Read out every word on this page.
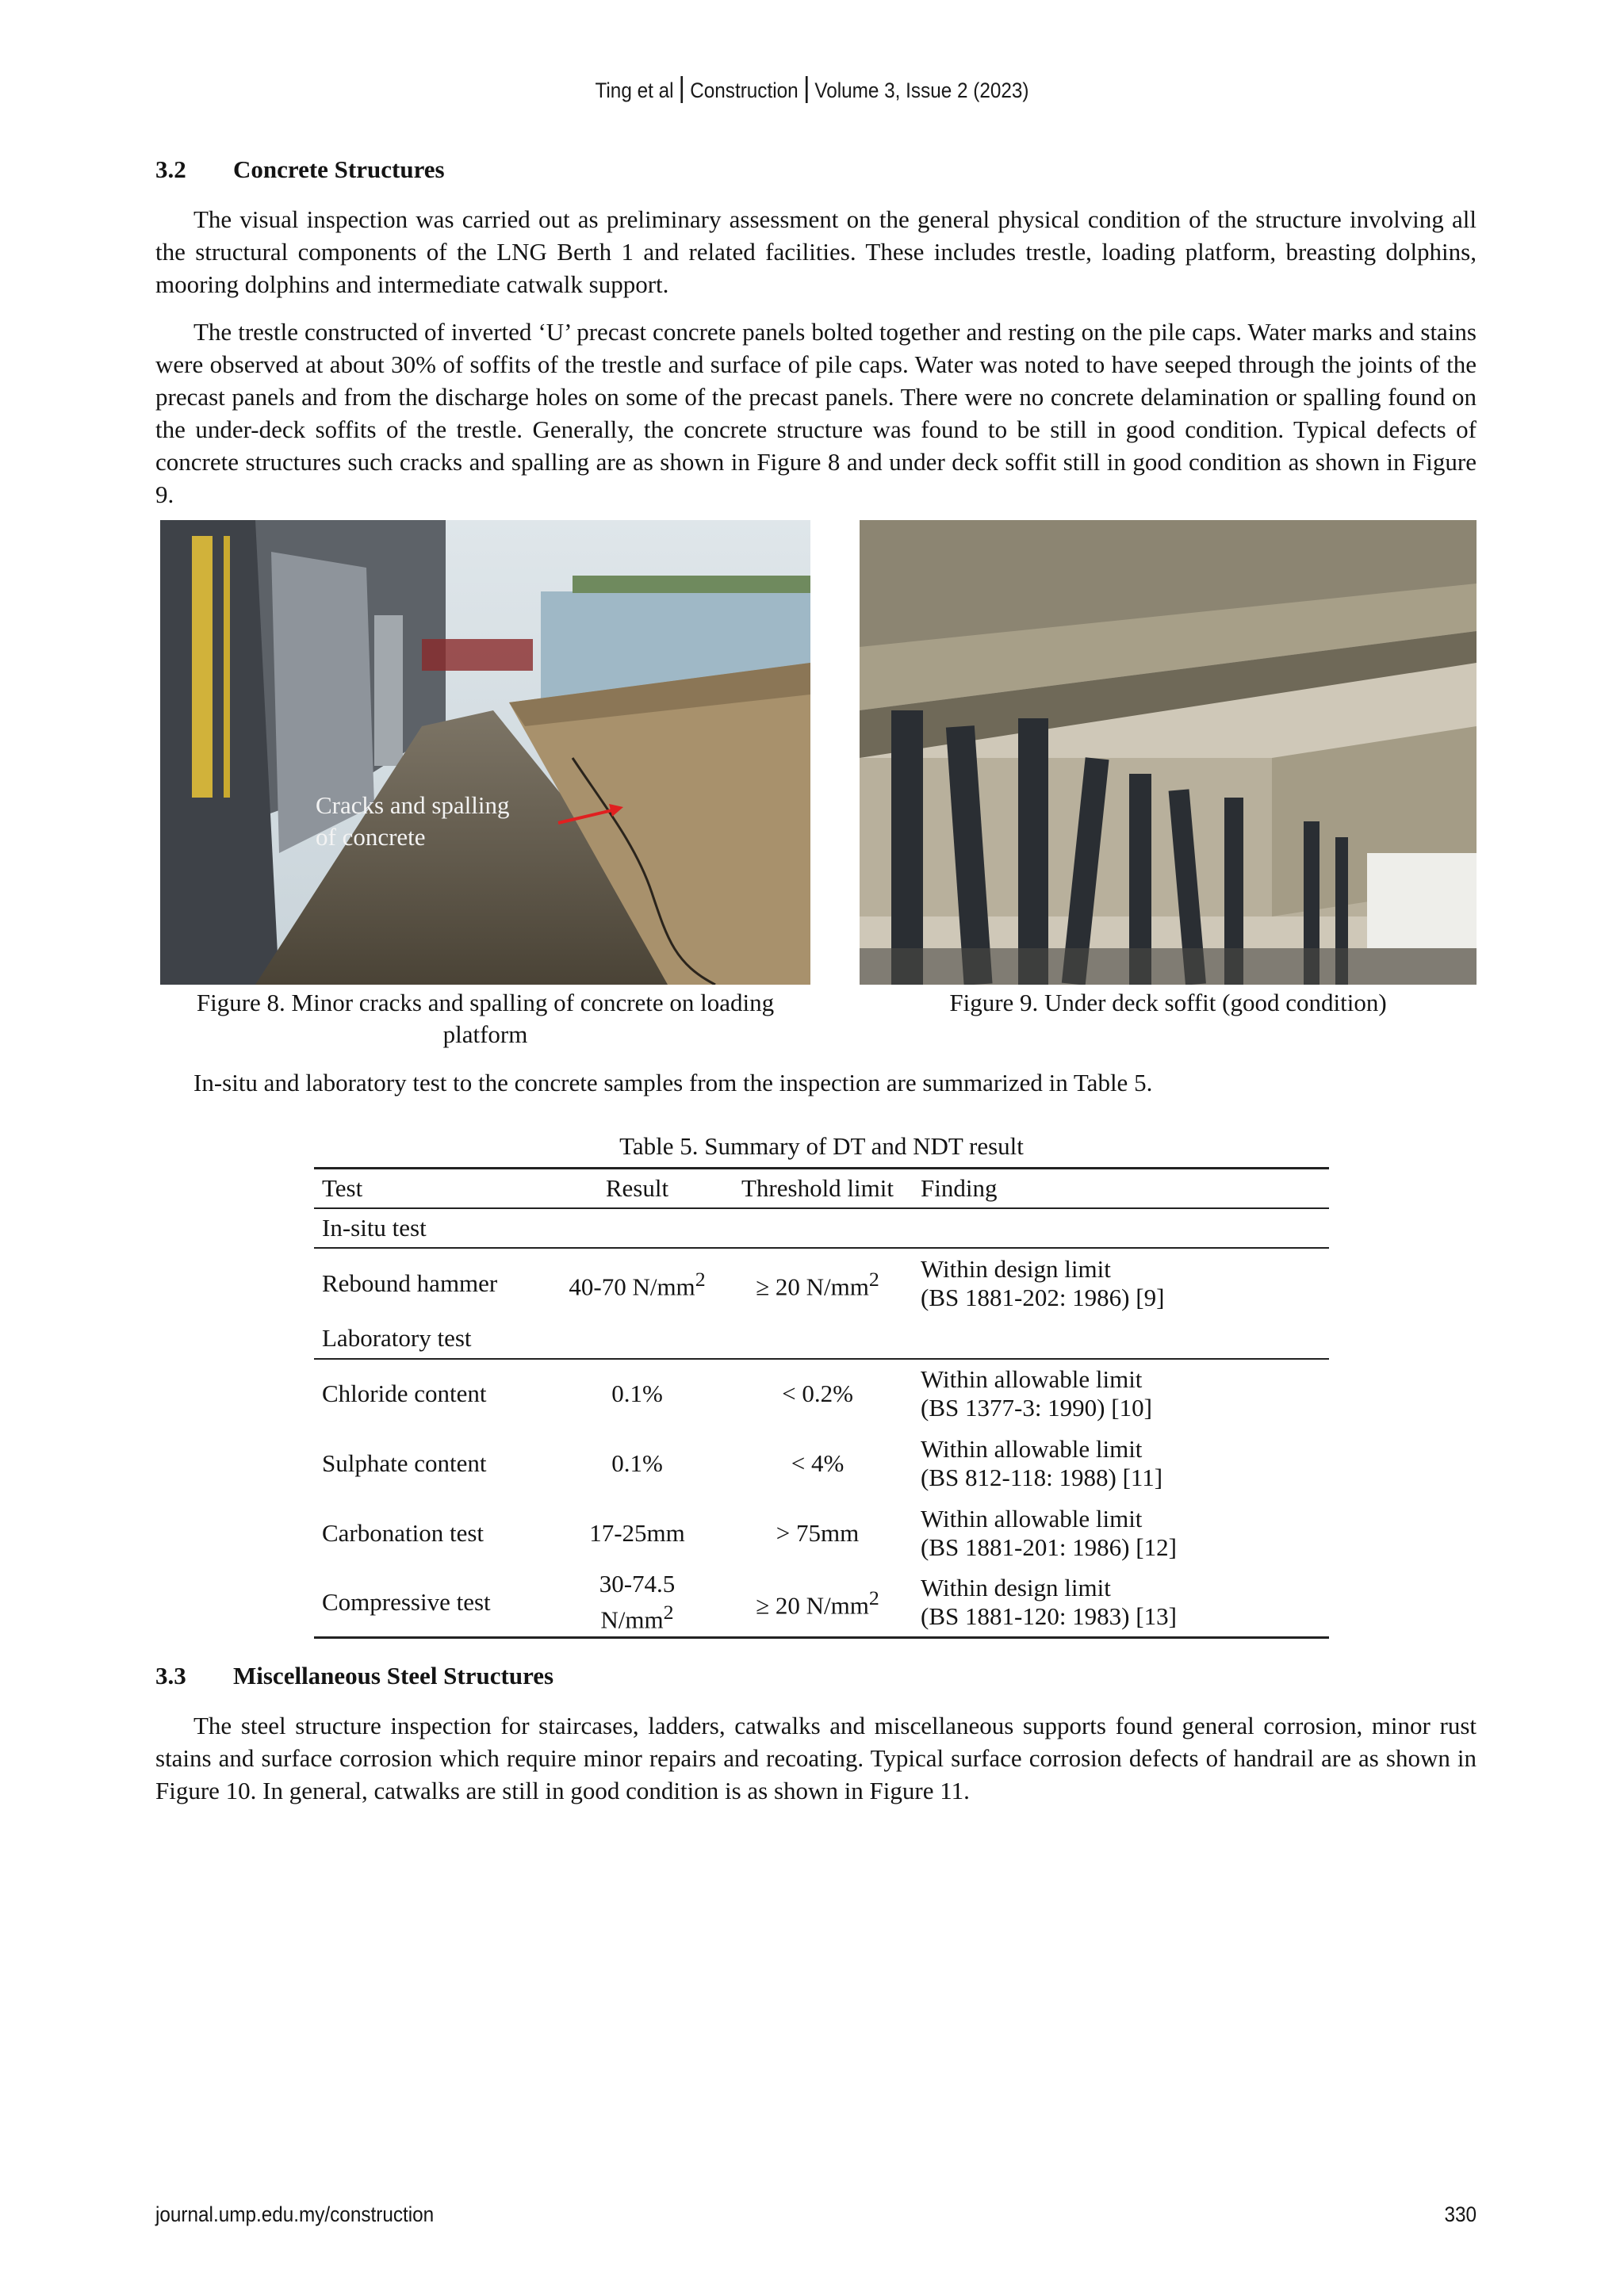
Ting et al Construction Volume 3, Issue 2 (2023)
3.2 Concrete Structures

The visual inspection was carried out as preliminary assessment on the general physical condition of the structure involving all the structural components of the LNG Berth 1 and related facilities. These includes trestle, loading platform, breasting dolphins, mooring dolphins and intermediate catwalk support.

The trestle constructed of inverted ‘U’ precast concrete panels bolted together and resting on the pile caps. Water marks and stains were observed at about 30% of soffits of the trestle and surface of pile caps. Water was noted to have seeped through the joints of the precast panels and from the discharge holes on some of the precast panels. There were no concrete delamination or spalling found on the under-deck soffits of the trestle. Generally, the concrete structure was found to be still in good condition. Typical defects of concrete structures such cracks and spalling are as shown in Figure 8 and under deck soffit still in good condition as shown in Figure 9.

Cracks and spalling
of concrete
Figure 8. Minor cracks and spalling of concrete on loading platform
Figure 9. Under deck soffit (good condition)

In-situ and laboratory test to the concrete samples from the inspection are summarized in Table 5.

Table 5. Summary of DT and NDT result
Test	Result	Threshold limit	Finding
In-situ test			
Rebound hammer	40-70 $N/mm^2$	≥ 20 $N/mm^2$	Within design limit
(BS 1881-202: 1986) [9]

Laboratory test			
Chloride content	0.1%	< 0.2%	Within allowable limit
(BS 1377-3: 1990) [10]

Sulphate content	0.1%	< 4%	Within allowable limit
(BS 812-118: 1988) [11]

Carbonation test	17-25mm	> 75mm	Within allowable limit
(BS 1881-201: 1986) [12]

Compressive test	30-74.5 $N/mm^2$	≥ 20 $N/mm^2$	Within design limit
(BS 1881-120: 1983) [13]
3.3 Miscellaneous Steel Structures

The steel structure inspection for staircases, ladders, catwalks and miscellaneous supports found general corrosion, minor rust stains and surface corrosion which require minor repairs and recoating. Typical surface corrosion defects of handrail are as shown in Figure 10. In general, catwalks are still in good condition is as shown in Figure 11.

journal.ump.edu.my/construction	330
